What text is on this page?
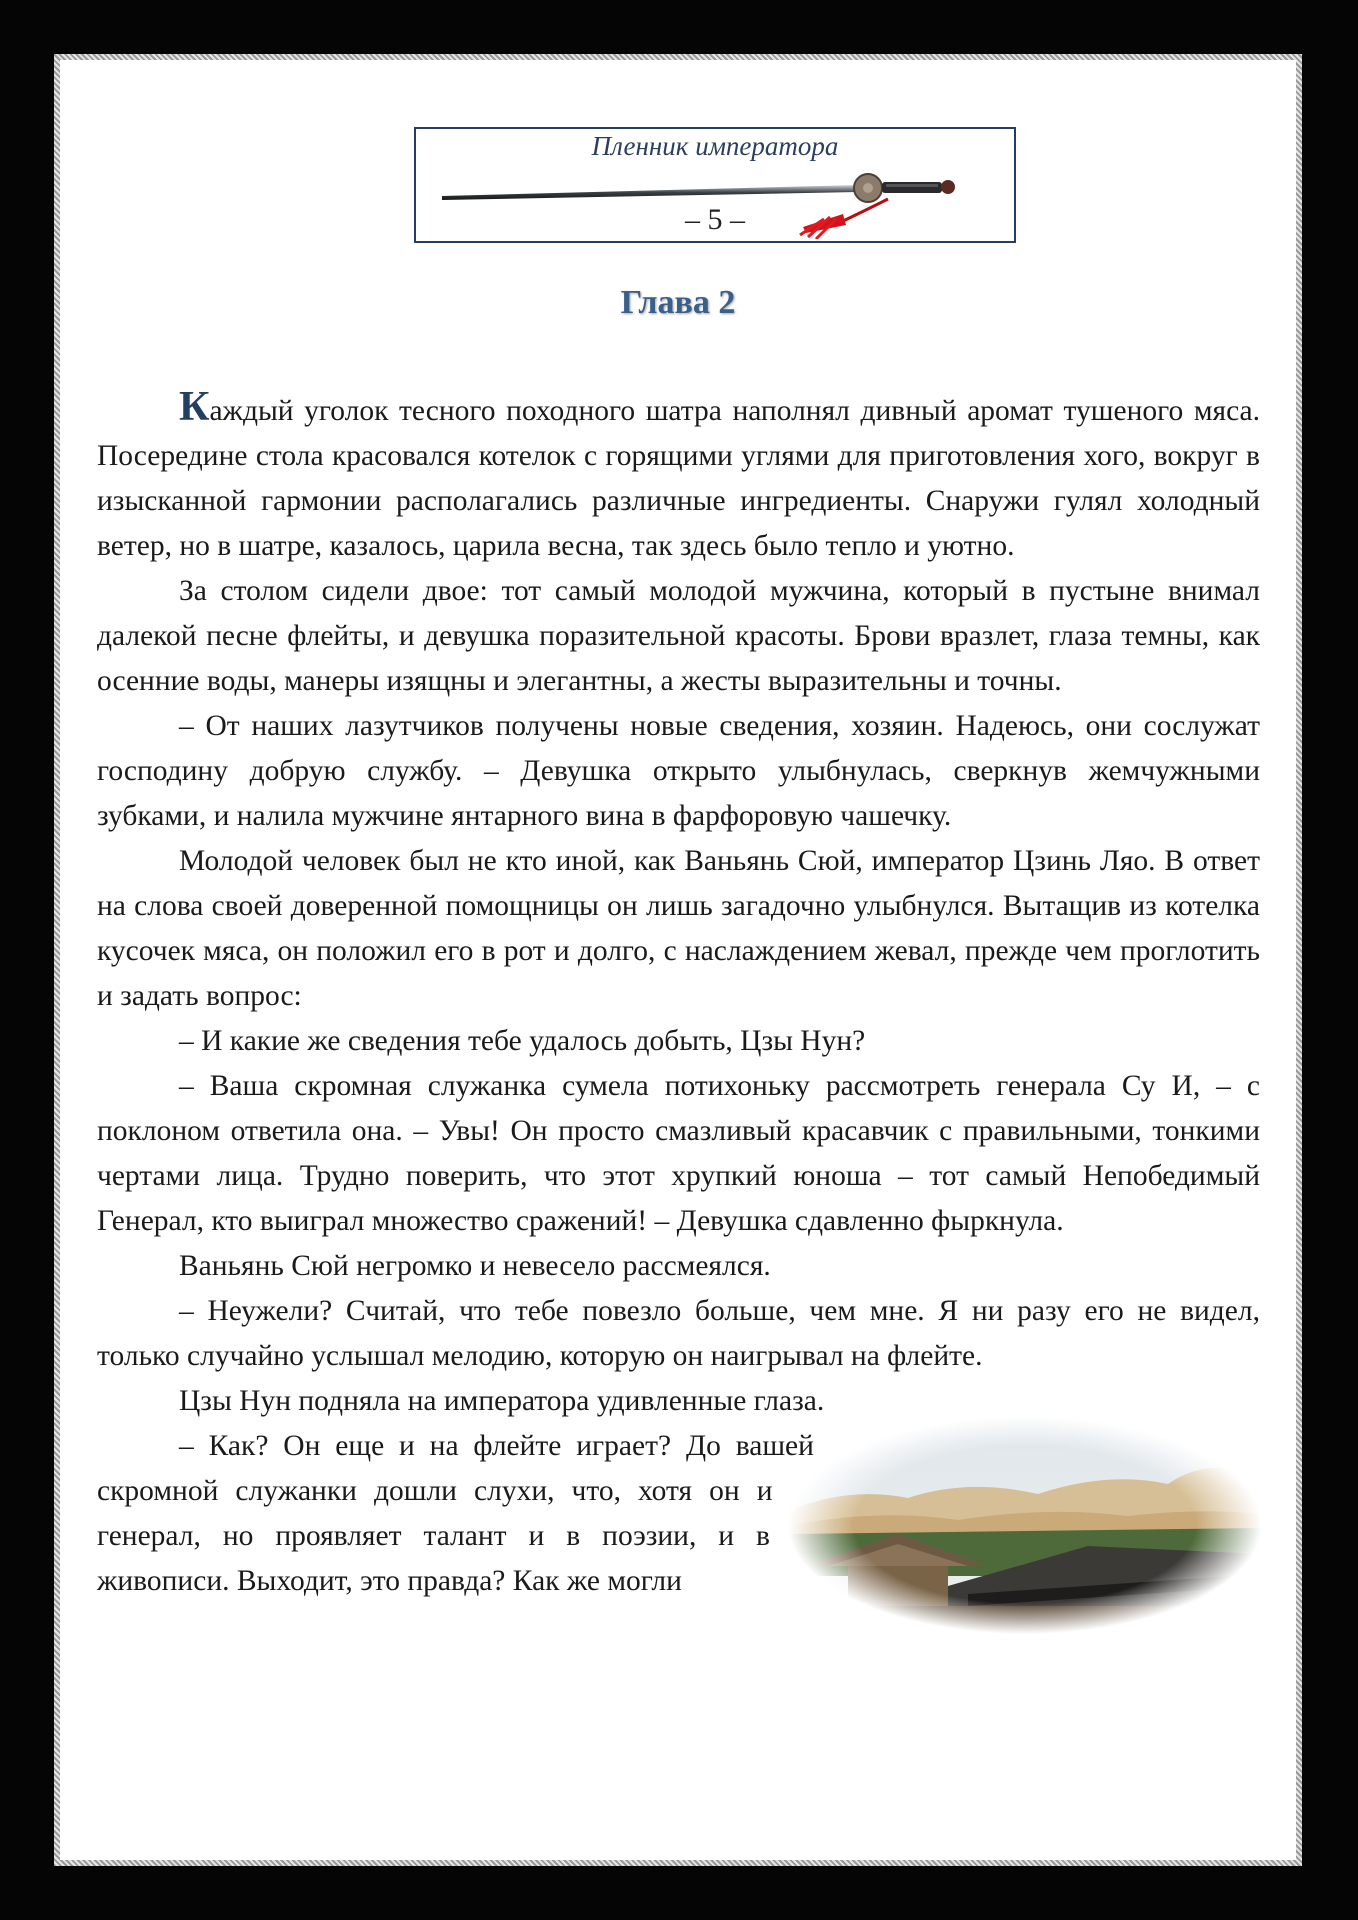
Пленник императора
– 5 –
Глава 2

Каждый уголок тесного походного шатра наполнял дивный аромат тушеного мяса. Посередине стола красовался котелок с горящими углями для приготовления хого, вокруг в изысканной гармонии располагались различные ингредиенты. Снаружи гулял холодный ветер, но в шатре, казалось, царила весна, так здесь было тепло и уютно.

За столом сидели двое: тот самый молодой мужчина, который в пустыне внимал далекой песне флейты, и девушка поразительной красоты. Брови вразлет, глаза темны, как осенние воды, манеры изящны и элегантны, а жесты выразительны и точны.

– От наших лазутчиков получены новые сведения, хозяин. Надеюсь, они сослужат господину добрую службу. – Девушка открыто улыбнулась, сверкнув жемчужными зубками, и налила мужчине янтарного вина в фарфоровую чашечку.

Молодой человек был не кто иной, как Ваньянь Сюй, император Цзинь Ляо. В ответ на слова своей доверенной помощницы он лишь загадочно улыбнулся. Вытащив из котелка кусочек мяса, он положил его в рот и долго, с наслаждением жевал, прежде чем проглотить и задать вопрос:

– И какие же сведения тебе удалось добыть, Цзы Нун?

– Ваша скромная служанка сумела потихоньку рассмотреть генерала Су И, – с поклоном ответила она. – Увы! Он просто смазливый красавчик с правильными, тонкими чертами лица. Трудно поверить, что этот хрупкий юноша – тот самый Непобедимый Генерал, кто выиграл множество сражений! – Девушка сдавленно фыркнула.

Ваньянь Сюй негромко и невесело рассмеялся.

– Неужели? Считай, что тебе повезло больше, чем мне. Я ни разу его не видел, только случайно услышал мелодию, которую он наигрывал на флейте.

Цзы Нун подняла на императора удивленные глаза.

– Как? Он еще и на флейте играет? До вашей скромной служанки дошли слухи, что, хотя он и генерал, но проявляет талант и в поэзии, и в живописи. Выходит, это правда? Как же могли
